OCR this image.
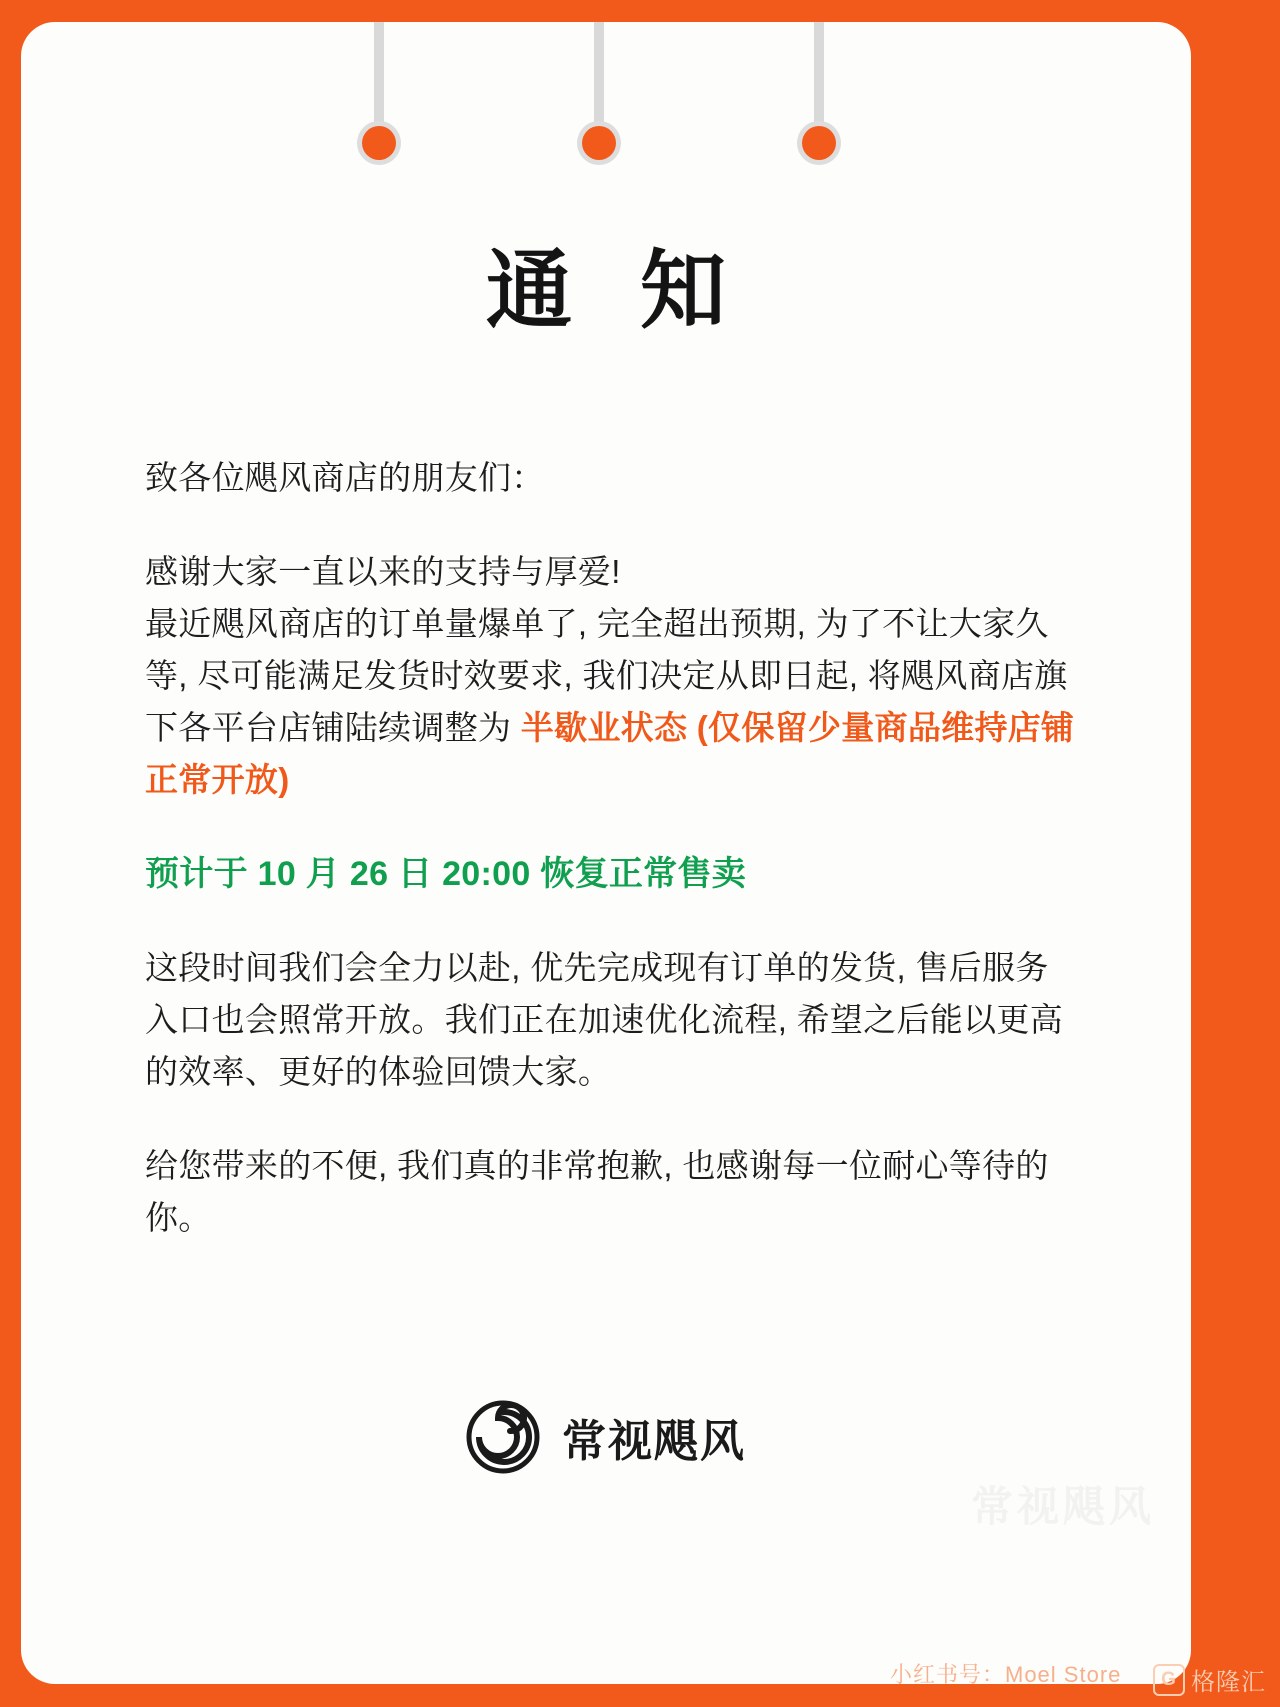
通 知

致各位飓风商店的朋友们：

感谢大家一直以来的支持与厚爱!

最近飓风商店的订单量爆单了, 完全超出预期, 为了不让大家久等, 尽可能满足发货时效要求, 我们决定从即日起, 将飓风商店旗下各平台店铺陆续调整为 半歇业状态 (仅保留少量商品维持店铺正常开放)

预计于 10 月 26 日 20:00 恢复正常售卖

这段时间我们会全力以赴, 优先完成现有订单的发货, 售后服务入口也会照常开放。我们正在加速优化流程, 希望之后能以更高的效率、更好的体验回馈大家。

给您带来的不便, 我们真的非常抱歉, 也感谢每一位耐心等待的你。

常视飓风
常视飓风
小红书号：Moel Store	G 格隆汇
